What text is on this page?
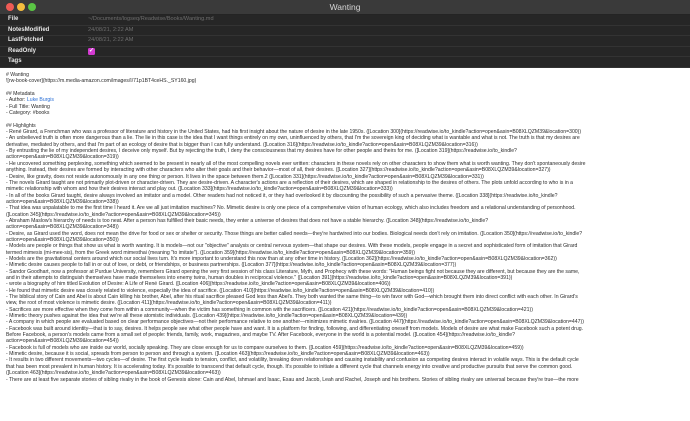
Wanting
File	~/Documents/logseq/Readwise/Books/Wanting.md
NotesModified	24/08/21, 2:22 AM
LastFetched	24/08/21, 2:22 AM
ReadOnly	✓
Tags

# Wanting

![rw-book-cover](https://m.media-amazon.com/images/I/71p1BT4ceHS._SY160.jpg)

## Metadata

- Author: Luke Burgis

- Full Title: Wanting

- Category: #books

## Highlights

- René Girard, a Frenchman who was a professor of literature and history in the United States, had his first insight about the nature of desire in the late 1950s. ([Location 300](https://readwise.io/to_kindle?action=open&asin=B08XLQZM39&location=300))

- An unbelieved truth is often more dangerous than a lie. The lie in this case is the idea that I want things entirely on my own, uninfluenced by others, that I'm the sovereign king of deciding what is wantable and what is not. The truth is that my desires are

derivative, mediated by others, and that I'm part of an ecology of desire that is bigger than I can fully understand. ([Location 316](https://readwise.io/to_kindle?action=open&asin=B08XLQZM39&location=316))

- By entrusting the lie of my independent desires, I deceive only myself. But by rejecting the truth, I deny the consciousness that my desires have for other people and theirs for me. ([Location 319](https://readwise.io/to_kindle?

action=open&asin=B08XLQZM39&location=319))

- He uncovered something perplexing, something which seemed to be present in nearly all of the most compelling novels ever written: characters in these novels rely on other characters to show them what is worth wanting. They don't spontaneously desire

anything. Instead, their desires are formed by interacting with other characters who alter their goals and their behavior—most of all, their desires. ([Location 327](https://readwise.io/to_kindle?action=open&asin=B08XLQZM39&location=327))

- Desire, like gravity, does not reside autonomously in any one thing or person. It lives in the space between them.2 ([Location 331](https://readwise.io/to_kindle?action=open&asin=B08XLQZM39&location=331))

- The novels Girard taught are not primarily plot-driven or character-driven. They are desire-driven. A character's actions are a reflection of their desires, which are shaped in relationship to the desires of others. The plots unfold according to who is in a

mimetic relationship with whom and how their desires interact and play out. ([Location 333](https://readwise.io/to_kindle?action=open&asin=B08XLQZM39&location=333))

- In all of the books Girard taught, desire always involved an imitator and a model. Other readers had not noticed it, or they had overlooked it by discounting the possibility of such a pervasive theme. ([Location 338](https://readwise.io/to_kindle?

action=open&asin=B08XLQZM39&location=338))

- That idea was unpalatable to me the first time I heard it. Are we all just imitation machines? No. Mimetic desire is only one piece of a comprehensive vision of human ecology, which also includes freedom and a relational understanding of personhood.

([Location 345](https://readwise.io/to_kindle?action=open&asin=B08XLQZM39&location=345))

- Abraham Maslow's hierarchy of needs is too neat. After a person has fulfilled their basic needs, they enter a universe of desires that does not have a stable hierarchy. ([Location 348](https://readwise.io/to_kindle?

action=open&asin=B08XLQZM39&location=348))

- Desire, as Girard used the word, does not mean the drive for food or sex or shelter or security. Those things are better called needs—they're hardwired into our bodies. Biological needs don't rely on imitation. ([Location 350](https://readwise.io/to_kindle?

action=open&asin=B08XLQZM39&location=350))

- Models are people or things that show us what is worth wanting. It is models—not our "objective" analysis or central nervous system—that shape our desires. With these models, people engage in a secret and sophisticated form of imitation that Girard

termed mimesis (mi-mee-sis), from the Greek word mimesthai (meaning "to imitate"). ([Location 359](https://readwise.io/to_kindle?action=open&asin=B08XLQZM39&location=359))

- Models are the gravitational centers around which our social lives turn. It's more important to understand this now than at any other time in history. ([Location 362](https://readwise.io/to_kindle?action=open&asin=B08XLQZM39&location=362))

- Mimetic desire causes people to fall in or out of love, or debt, or friendships, or business partnerships. ([Location 377](https://readwise.io/to_kindle?action=open&asin=B08XLQZM39&location=377))

- Sandor Goodhart, now a professor at Purdue University, remembers Girard opening the very first session of his class Literature, Myth, and Prophecy with these words: "Human beings fight not because they are different, but because they are the same,

and in their attempts to distinguish themselves have made themselves into enemy twins, human doubles in reciprocal violence." ([Location 391](https://readwise.io/to_kindle?action=open&asin=B08XLQZM39&location=391))

- wrote a biography of him titled Evolution of Desire: A Life of René Girard. ([Location 406](https://readwise.io/to_kindle?action=open&asin=B08XLQZM39&location=406))

- He found that mimetic desire was closely related to violence, especially the idea of sacrifice. ([Location 410](https://readwise.io/to_kindle?action=open&asin=B08XLQZM39&location=410))

- The biblical story of Cain and Abel is about Cain killing his brother, Abel, after his ritual sacrifice pleased God less than Abel's. They both wanted the same thing—to win favor with God—which brought them into direct conflict with each other. In Girard's

view, the root of most violence is mimetic desire. ([Location 411](https://readwise.io/to_kindle?action=open&asin=B08XLQZM39&location=411))

- Sacrifices are more effective when they come from within a community—when the victim has something in common with the sacrificers. ([Location 421](https://readwise.io/to_kindle?action=open&asin=B08XLQZM39&location=421))

- Mimetic theory pushes against the idea that we're all these atomistic individuals. ([Location 439](https://readwise.io/to_kindle?action=open&asin=B08XLQZM39&location=439))

- A company in which people are evaluated based on clear performance objectives—not their performance relative to one another—minimizes mimetic rivalries. ([Location 447](https://readwise.io/to_kindle?action=open&asin=B08XLQZM39&location=447))

- Facebook was built around identity—that is to say, desires. It helps people see what other people have and want. It is a platform for finding, following, and differentiating oneself from models. Models of desire are what make Facebook such a potent drug.

Before Facebook, a person's models came from a small set of people: friends, family, work, magazines, and maybe TV. After Facebook, everyone in the world is a potential model. ([Location 454](https://readwise.io/to_kindle?

action=open&asin=B08XLQZM39&location=454))

- Facebook is full of models who are inside our world, socially speaking. They are close enough for us to compare ourselves to them. ([Location 459](https://readwise.io/to_kindle?action=open&asin=B08XLQZM39&location=459))

- Mimetic desire, because it is social, spreads from person to person and through a system. ([Location 463](https://readwise.io/to_kindle?action=open&asin=B08XLQZM39&location=463))

- It results in two different movements—two cycles—of desire. The first cycle leads to tension, conflict, and volatility, breaking down relationships and causing instability and confusion as competing desires interact in volatile ways. This is the default cycle

that has been most prevalent in human history. It is accelerating today. It's possible to transcend that default cycle, though. It's possible to initiate a different cycle that channels energy into creative and productive pursuits that serve the common good.

([Location 463](https://readwise.io/to_kindle?action=open&asin=B08XLQZM39&location=463))

- There are at least five separate stories of sibling rivalry in the book of Genesis alone: Cain and Abel, Ishmael and Isaac, Esau and Jacob, Leah and Rachel, Joseph and his brothers. Stories of sibling rivalry are universal because they're true—the more
